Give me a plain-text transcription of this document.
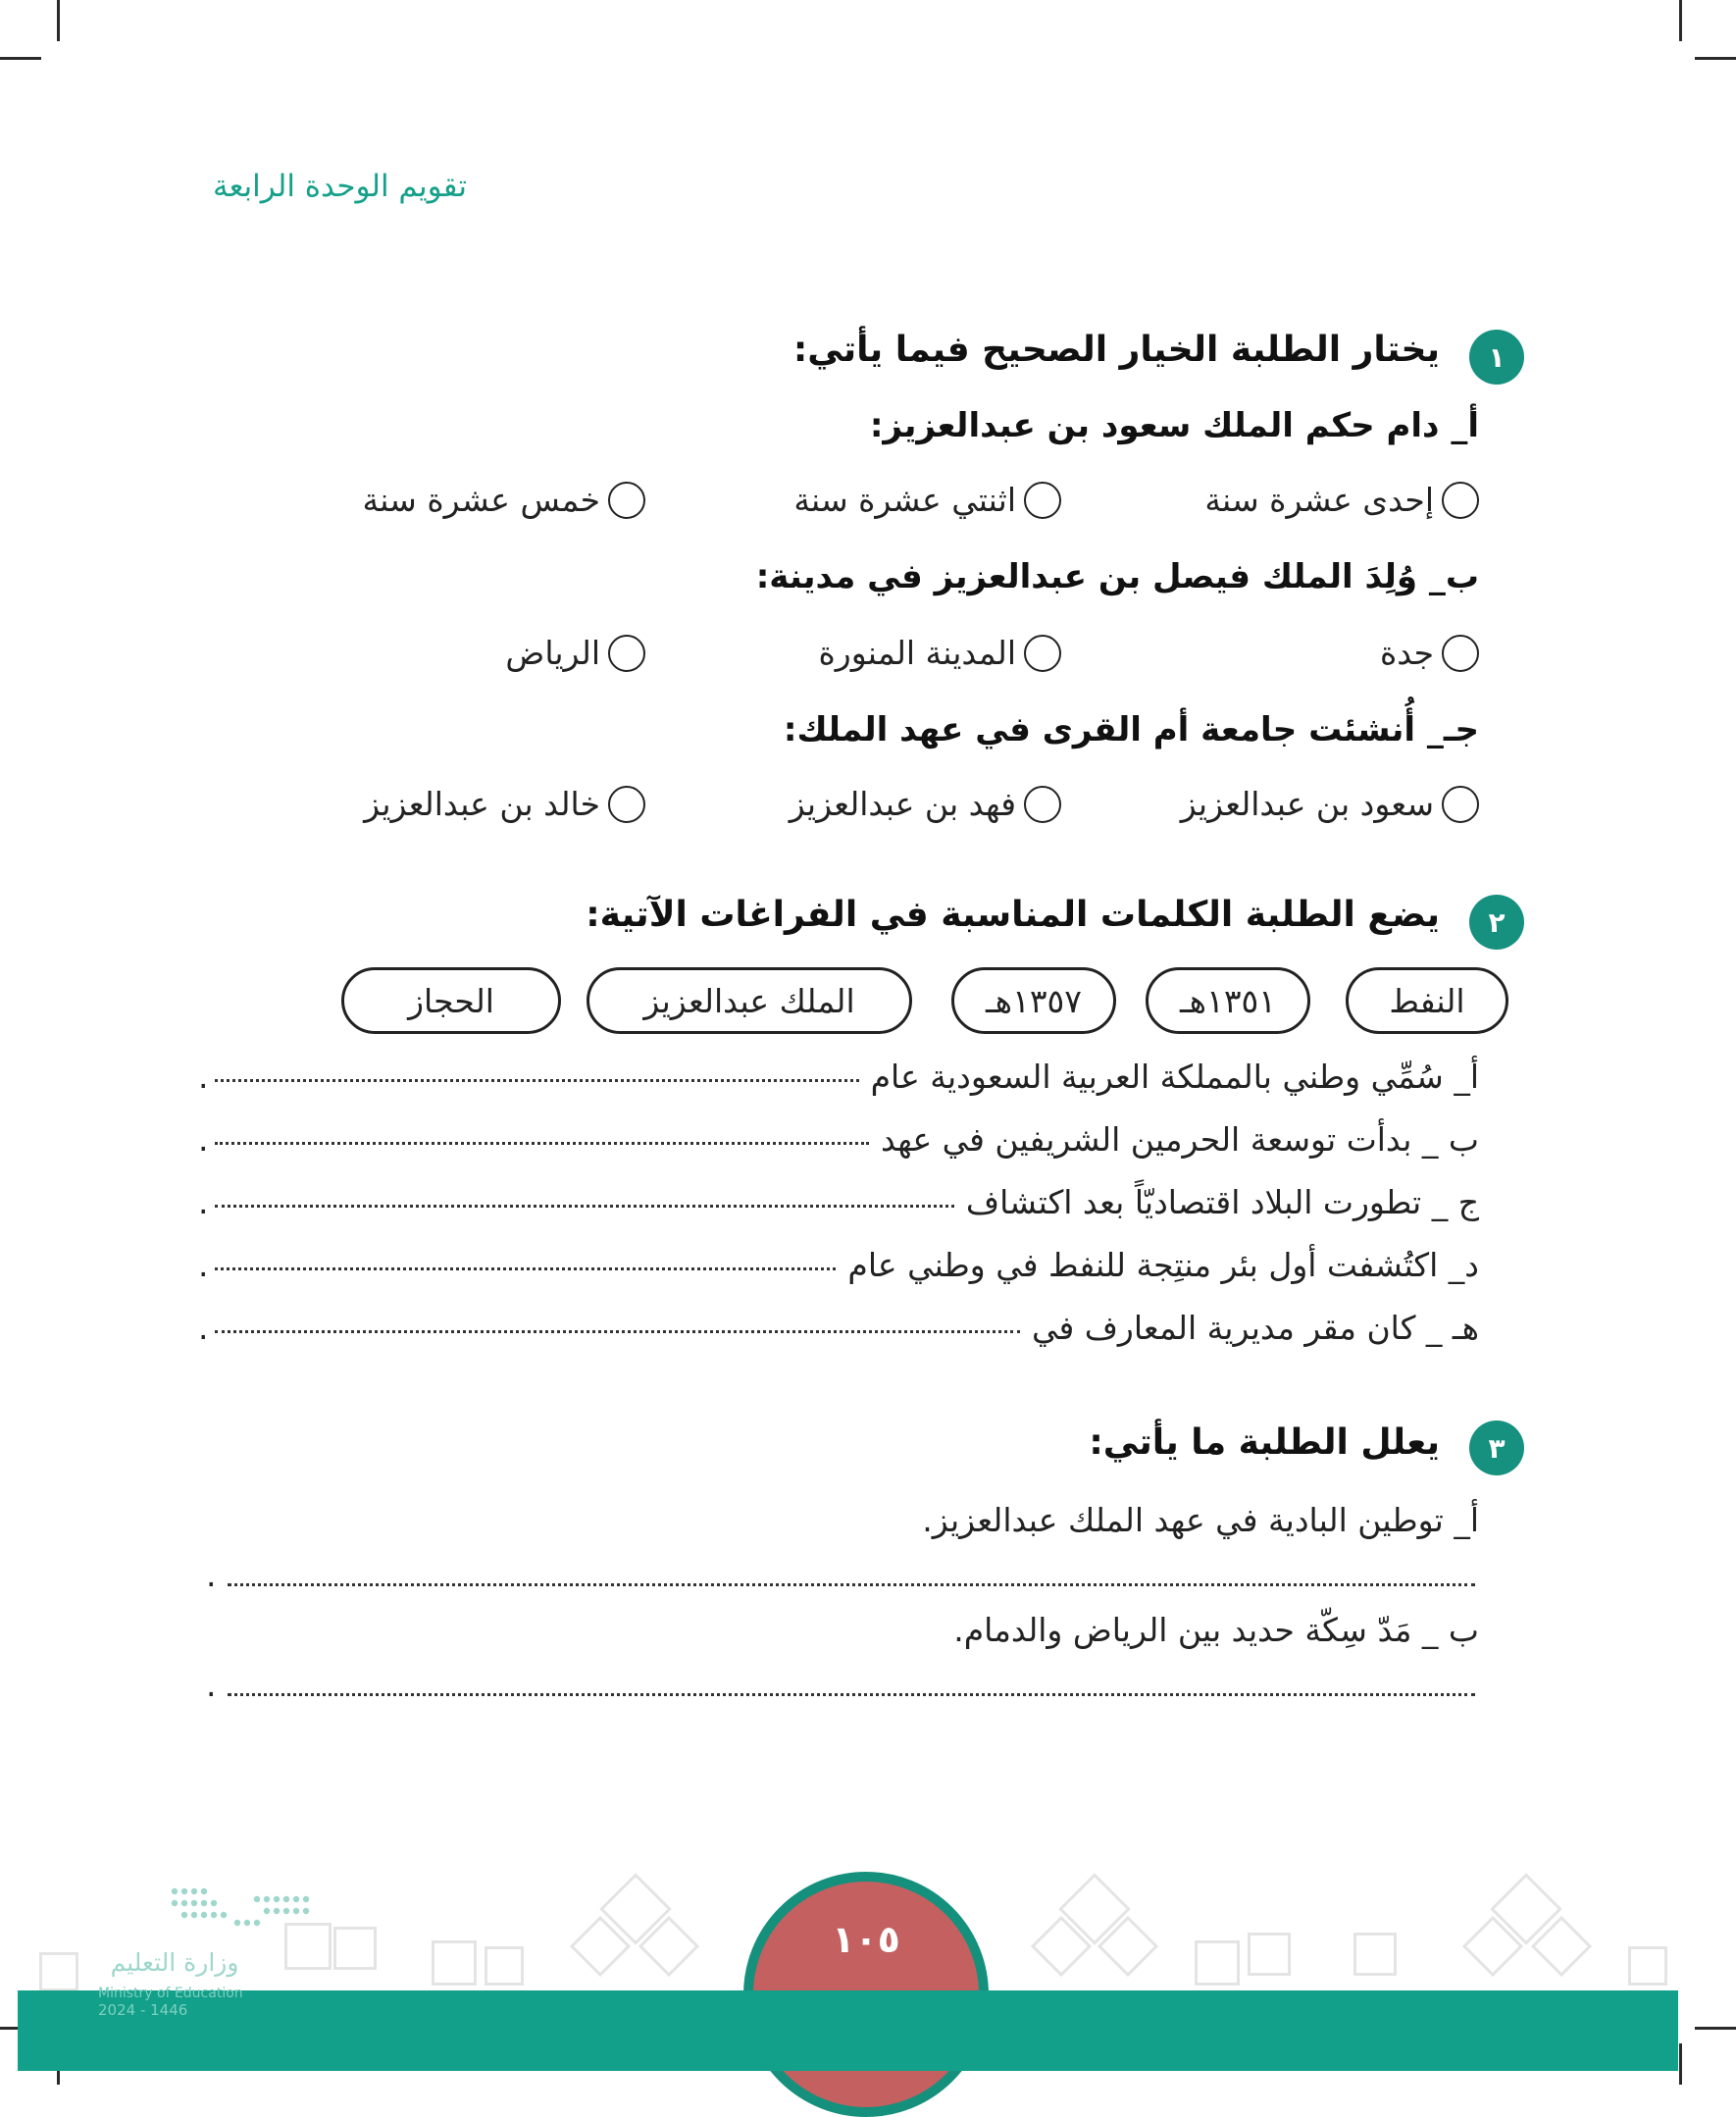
تقويم الوحدة الرابعة
١
يختار الطلبة الخيار الصحيح فيما يأتي:
أ_ دام حكم الملك سعود بن عبدالعزيز:
إحدى عشرة سنة
اثنتي عشرة سنة
خمس عشرة سنة
ب_ وُلِدَ الملك فيصل بن عبدالعزيز في مدينة:
جدة
المدينة المنورة
الرياض
جـ_ أُنشئت جامعة أم القرى في عهد الملك:
سعود بن عبدالعزيز
فهد بن عبدالعزيز
خالد بن عبدالعزيز
٢
يضع الطلبة الكلمات المناسبة في الفراغات الآتية:
النفط
١٣٥١هـ
١٣٥٧هـ
الملك عبدالعزيز
الحجاز
أ_ سُمِّي وطني بالمملكة العربية السعودية عام
.
ب _ بدأت توسعة الحرمين الشريفين في عهد
.
ج _ تطورت البلاد اقتصاديّاً بعد اكتشاف
.
د_ اكتُشفت أول بئر منتِجة للنفط في وطني عام
.
هـ _ كان مقر مديرية المعارف في
.
٣
يعلل الطلبة ما يأتي:
أ_ توطين البادية في عهد الملك عبدالعزيز.
.
ب _ مَدّ سِكّة حديد بين الرياض والدمام.
.
وزارة التعليم
١٠٥
Ministry of Education
2024 - 1446
